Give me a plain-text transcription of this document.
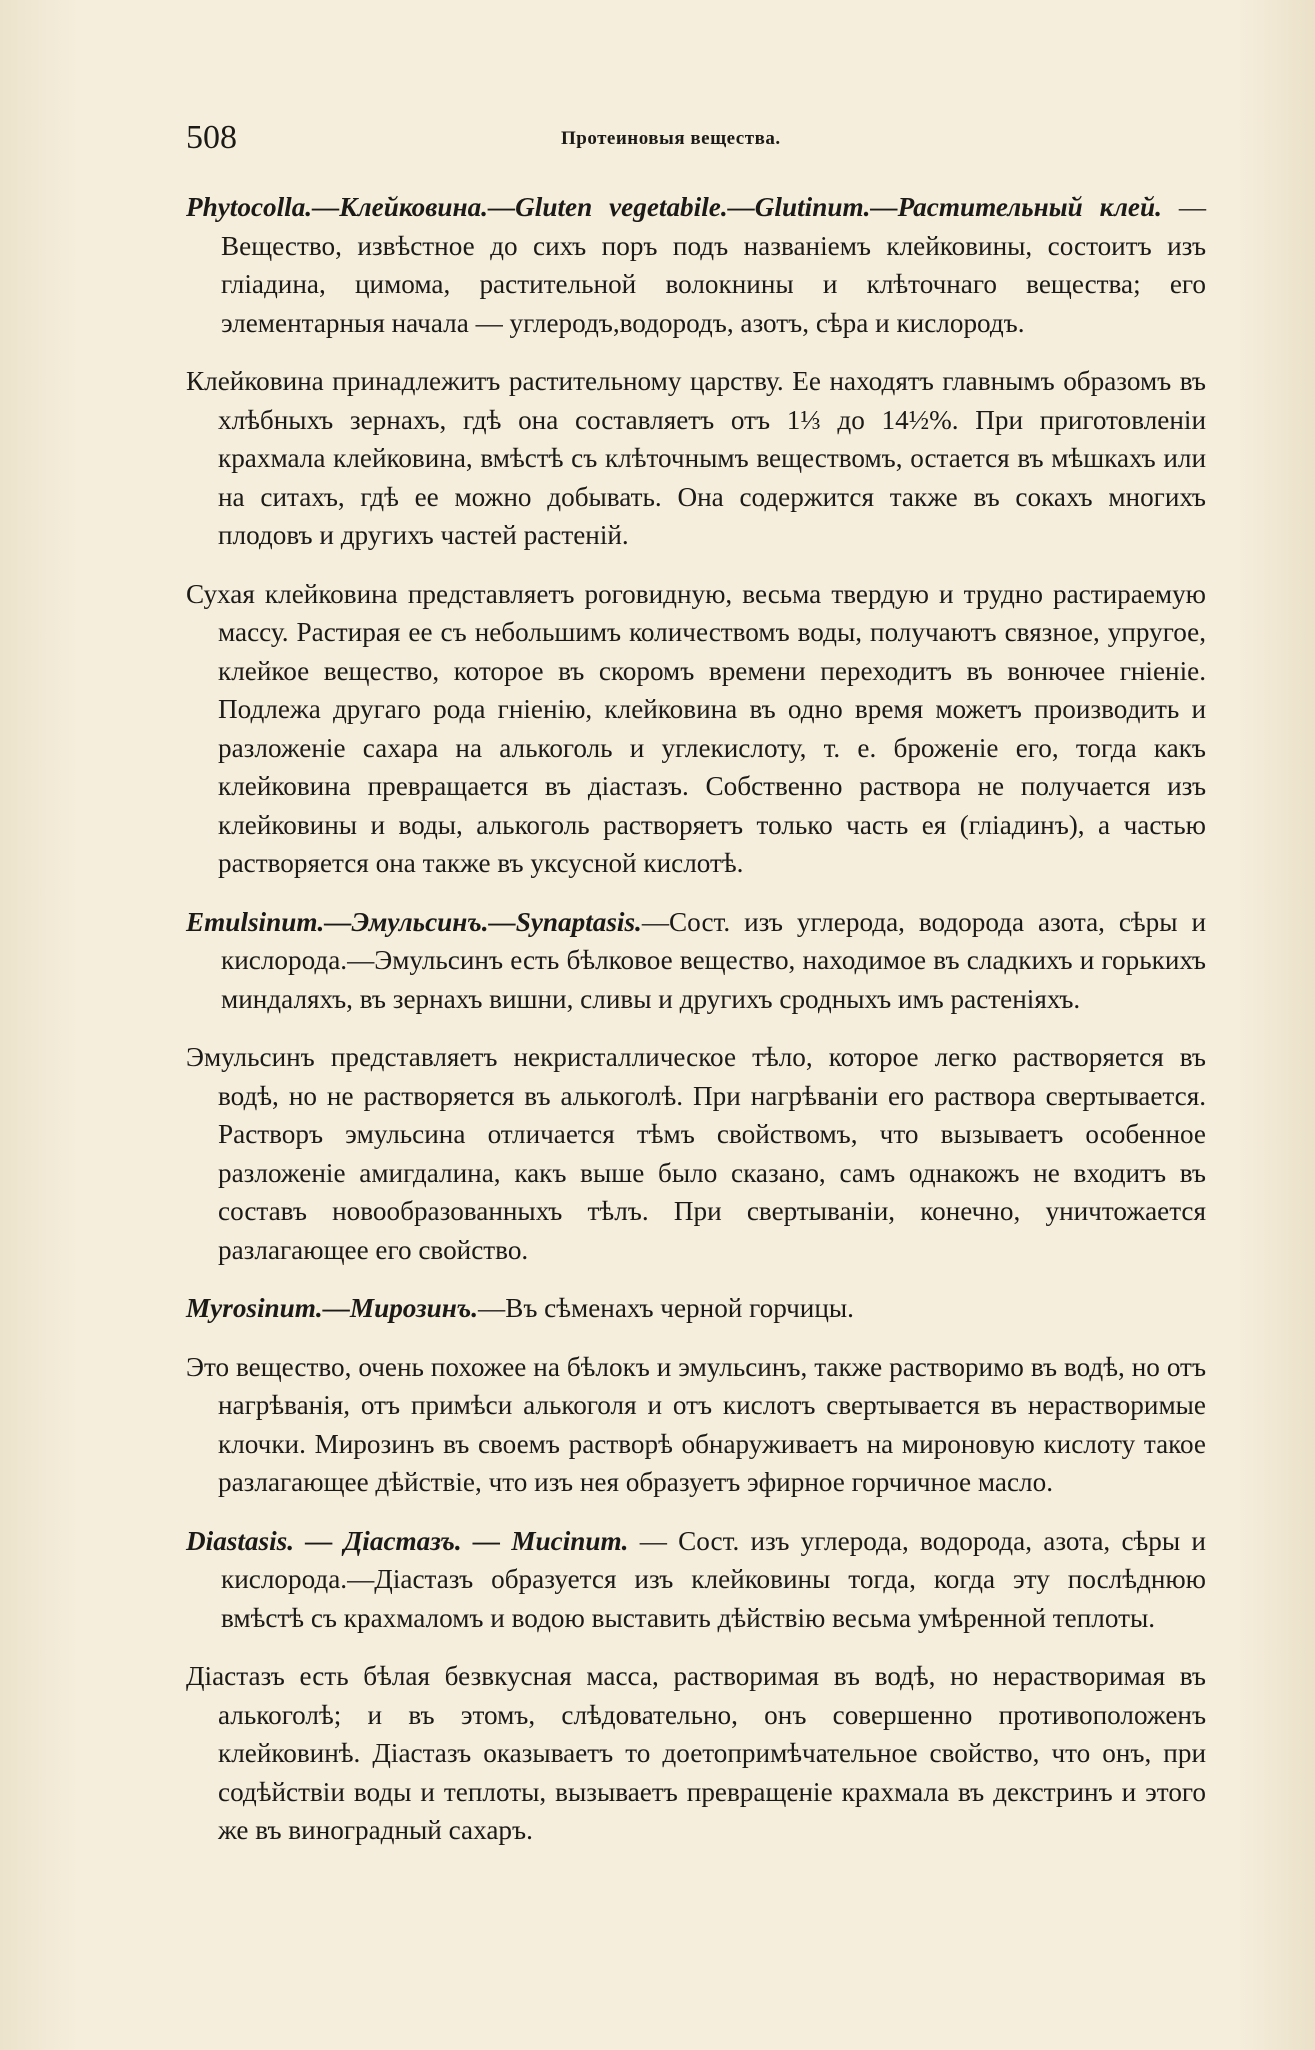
508	Протеиновыя вещества.

Phytocolla.—Клейковина.—Gluten vegetabile.—Glutinum.—Растительный клей. — Вещество, извѣстное до сихъ поръ подъ названіемъ клейковины, состоитъ изъ гліадина, цимома, растительной волокнины и клѣточнаго вещества; его элементарныя начала — углеродъ,водородъ, азотъ, сѣра и кислородъ.

Клейковина принадлежитъ растительному царству. Ее находятъ главнымъ образомъ въ хлѣбныхъ зернахъ, гдѣ она составляетъ отъ 1⅓ до 14½%. При приготовленіи крахмала клейковина, вмѣстѣ съ клѣточнымъ веществомъ, остается въ мѣшкахъ или на ситахъ, гдѣ ее можно добывать. Она содержится также въ сокахъ многихъ плодовъ и другихъ частей растеній.

Сухая клейковина представляетъ роговидную, весьма твердую и трудно растираемую массу. Растирая ее съ небольшимъ количествомъ воды, получаютъ связное, упругое, клейкое вещество, которое въ скоромъ времени переходитъ въ вонючее гніеніе. Подлежа другаго рода гніенію, клейковина въ одно время можетъ производить и разложеніе сахара на алькоголь и углекислоту, т. е. броженіе его, тогда какъ клейковина превращается въ діастазъ. Собственно раствора не получается изъ клейковины и воды, алькоголь растворяетъ только часть ея (гліадинъ), а частью растворяется она также въ уксусной кислотѣ.

Emulsinum.—Эмульсинъ.—Synaptasis.—Сост. изъ углерода, водорода азота, сѣры и кислорода.—Эмульсинъ есть бѣлковое вещество, находимое въ сладкихъ и горькихъ миндаляхъ, въ зернахъ вишни, сливы и другихъ сродныхъ имъ растеніяхъ.

Эмульсинъ представляетъ некристаллическое тѣло, которое легко растворяется въ водѣ, но не растворяется въ алькоголѣ. При нагрѣваніи его раствора свертывается. Растворъ эмульсина отличается тѣмъ свойствомъ, что вызываетъ особенное разложеніе амигдалина, какъ выше было сказано, самъ однакожъ не входитъ въ составъ новообразованныхъ тѣлъ. При свертываніи, конечно, уничтожается разлагающее его свойство.

Myrosinum.—Мирозинъ.—Въ сѣменахъ черной горчицы.

Это вещество, очень похожее на бѣлокъ и эмульсинъ, также растворимо въ водѣ, но отъ нагрѣванія, отъ примѣси алькоголя и отъ кислотъ свертывается въ нерастворимые клочки. Мирозинъ въ своемъ растворѣ обнаруживаетъ на мироновую кислоту такое разлагающее дѣйствіе, что изъ нея образуетъ эфирное горчичное масло.

Diastasis. — Діастазъ. — Mucinum. — Сост. изъ углерода, водорода, азота, сѣры и кислорода.—Діастазъ образуется изъ клейковины тогда, когда эту послѣднюю вмѣстѣ съ крахмаломъ и водою выставить дѣйствію весьма умѣренной теплоты.

Діастазъ есть бѣлая безвкусная масса, растворимая въ водѣ, но нерастворимая въ алькоголѣ; и въ этомъ, слѣдовательно, онъ совершенно противоположенъ клейковинѣ. Діастазъ оказываетъ то доетопримѣчательное свойство, что онъ, при содѣйствіи воды и теплоты, вызываетъ превращеніе крахмала въ декстринъ и этого же въ виноградный сахаръ.
